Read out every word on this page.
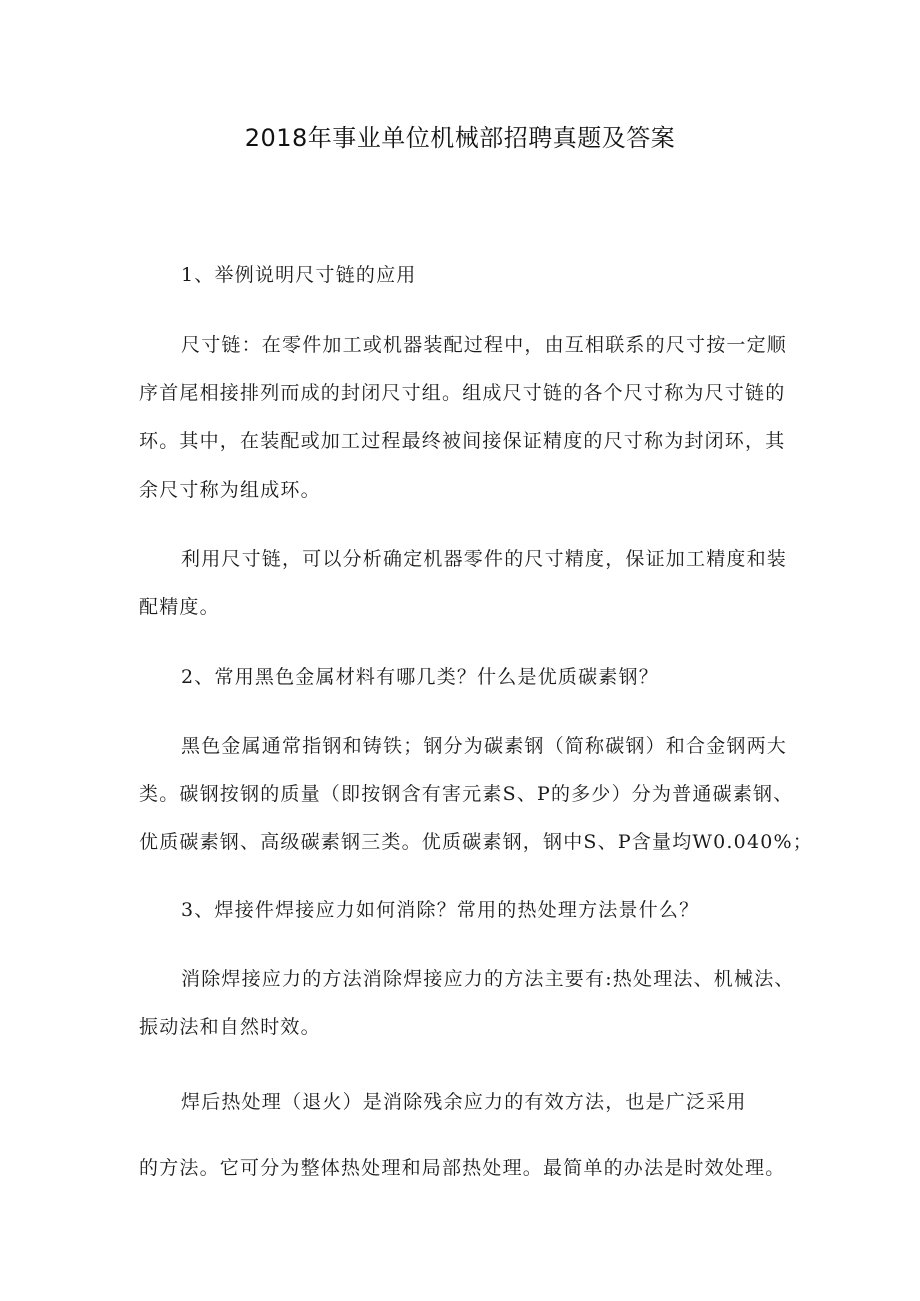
2018年事业单位机械部招聘真题及答案
1、举例说明尺寸链的应用
尺寸链：在零件加工或机器装配过程中，由互相联系的尺寸按一定顺
序首尾相接排列而成的封闭尺寸组。组成尺寸链的各个尺寸称为尺寸链的
环。其中，在装配或加工过程最终被间接保证精度的尺寸称为封闭环，其
余尺寸称为组成环。
利用尺寸链，可以分析确定机器零件的尺寸精度，保证加工精度和装
配精度。
2、常用黑色金属材料有哪几类？什么是优质碳素钢？
黑色金属通常指钢和铸铁；钢分为碳素钢（简称碳钢）和合金钢两大
类。碳钢按钢的质量（即按钢含有害元素S、P的多少）分为普通碳素钢、
优质碳素钢、高级碳素钢三类。优质碳素钢，钢中S、P含量均W0.040%；
3、焊接件焊接应力如何消除？常用的热处理方法景什么？
消除焊接应力的方法消除焊接应力的方法主要有:热处理法、机械法、
振动法和自然时效。
焊后热处理（退火）是消除残余应力的有效方法，也是广泛采用
的方法。它可分为整体热处理和局部热处理。最简单的办法是时效处理。
